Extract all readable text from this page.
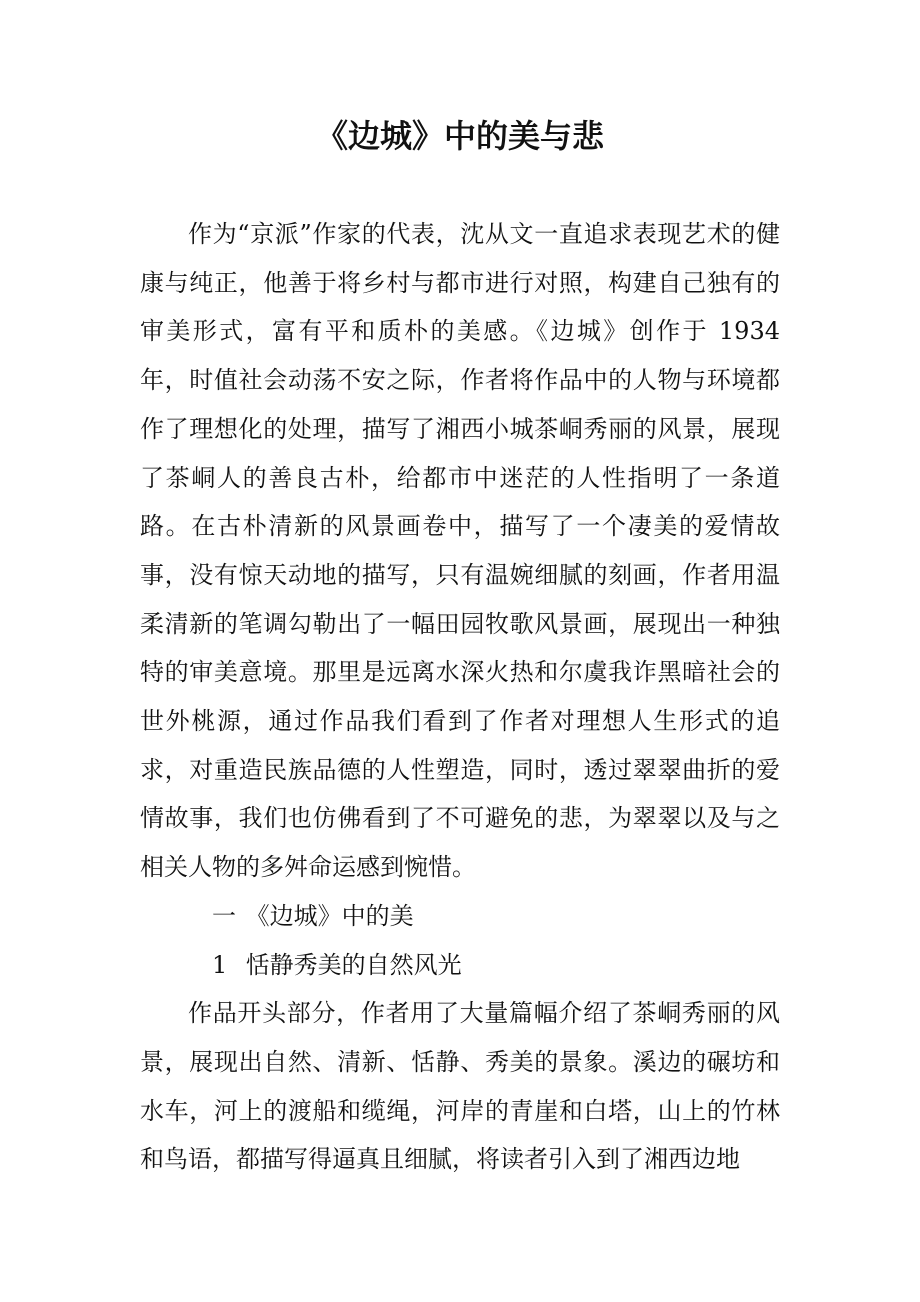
《边城》中的美与悲

作为“京派”作家的代表，沈从文一直追求表现艺术的健康与纯正，他善于将乡村与都市进行对照，构建自己独有的审美形式，富有平和质朴的美感。《边城》创作于 1934 年，时值社会动荡不安之际，作者将作品中的人物与环境都作了理想化的处理，描写了湘西小城茶峒秀丽的风景，展现了茶峒人的善良古朴，给都市中迷茫的人性指明了一条道路。在古朴清新的风景画卷中，描写了一个凄美的爱情故事，没有惊天动地的描写，只有温婉细腻的刻画，作者用温柔清新的笔调勾勒出了一幅田园牧歌风景画，展现出一种独特的审美意境。那里是远离水深火热和尔虞我诈黑暗社会的世外桃源，通过作品我们看到了作者对理想人生形式的追求，对重造民族品德的人性塑造，同时，透过翠翠曲折的爱情故事，我们也仿佛看到了不可避免的悲，为翠翠以及与之相关人物的多舛命运感到惋惜。

一 《边城》中的美

1 恬静秀美的自然风光

作品开头部分，作者用了大量篇幅介绍了茶峒秀丽的风景，展现出自然、清新、恬静、秀美的景象。溪边的碾坊和水车，河上的渡船和缆绳，河岸的青崖和白塔，山上的竹林和鸟语，都描写得逼真且细腻，将读者引入到了湘西边地
